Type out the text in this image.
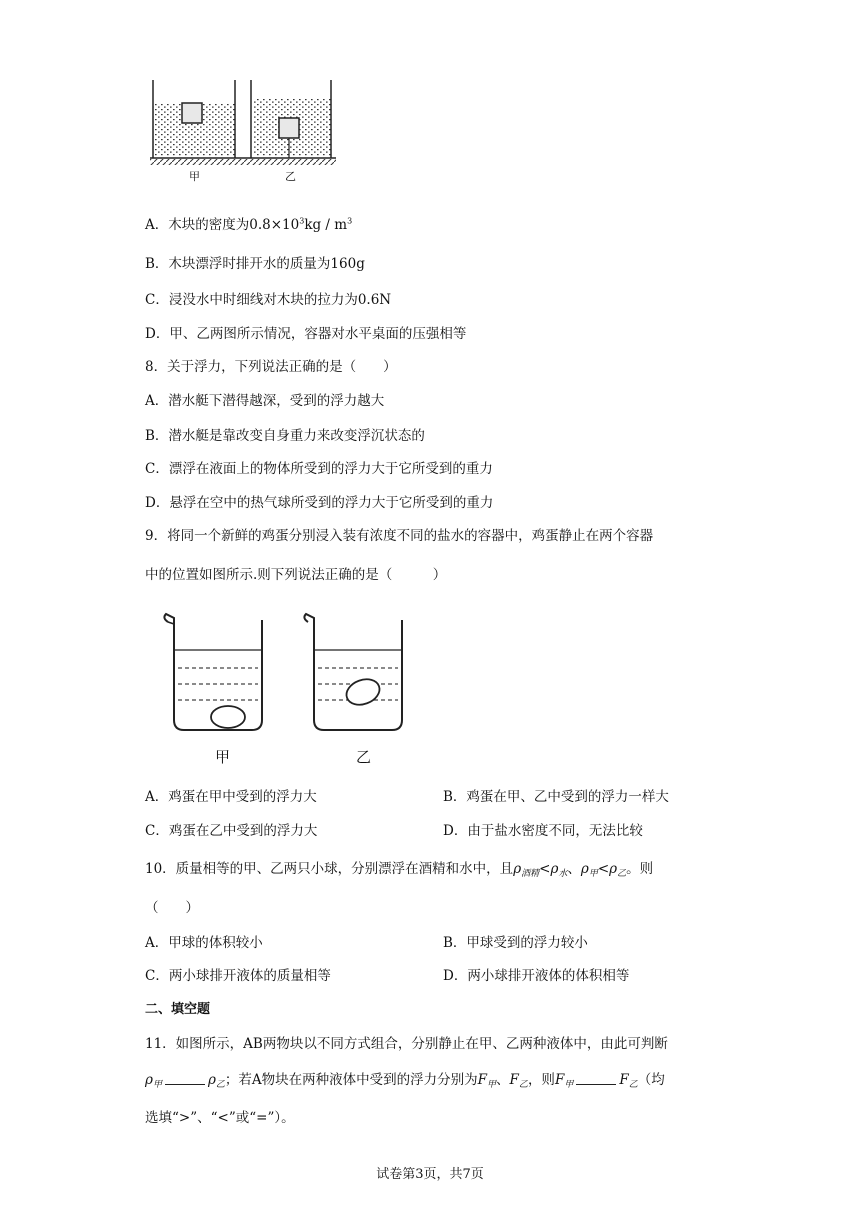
甲	乙
A．木块的密度为$0.8\times 10^3kg / m^3$
B．木块漂浮时排开水的质量为160g
C．浸没水中时细线对木块的拉力为0.6N
D．甲、乙两图所示情况，容器对水平桌面的压强相等
8．关于浮力，下列说法正确的是（　　）
A．潜水艇下潜得越深，受到的浮力越大
B．潜水艇是靠改变自身重力来改变浮沉状态的
C．漂浮在液面上的物体所受到的浮力大于它所受到的重力
D．悬浮在空中的热气球所受到的浮力大于它所受到的重力
9．将同一个新鲜的鸡蛋分别浸入装有浓度不同的盐水的容器中，鸡蛋静止在两个容器
中的位置如图所示.则下列说法正确的是（　　　）
甲	乙
A．鸡蛋在甲中受到的浮力大	B．鸡蛋在甲、乙中受到的浮力一样大
C．鸡蛋在乙中受到的浮力大	D．由于盐水密度不同，无法比较
10．质量相等的甲、乙两只小球，分别漂浮在酒精和水中，且$\rho_{酒精}<\rho_水$、$\rho_甲<\rho_乙$。则
（　　）
A．甲球的体积较小	B．甲球受到的浮力较小
C．两小球排开液体的质量相等	D．两小球排开液体的体积相等
二、填空题
11．如图所示，AB两物块以不同方式组合，分别静止在甲、乙两种液体中，由此可判断
$\rho_甲$	$\rho_乙$；若A物块在两种液体中受到的浮力分别为$F_甲$、$F_乙$，则$F_甲$	$F_乙$（均
选填“>”、“<”或“=”）。
试卷第3页，共7页
